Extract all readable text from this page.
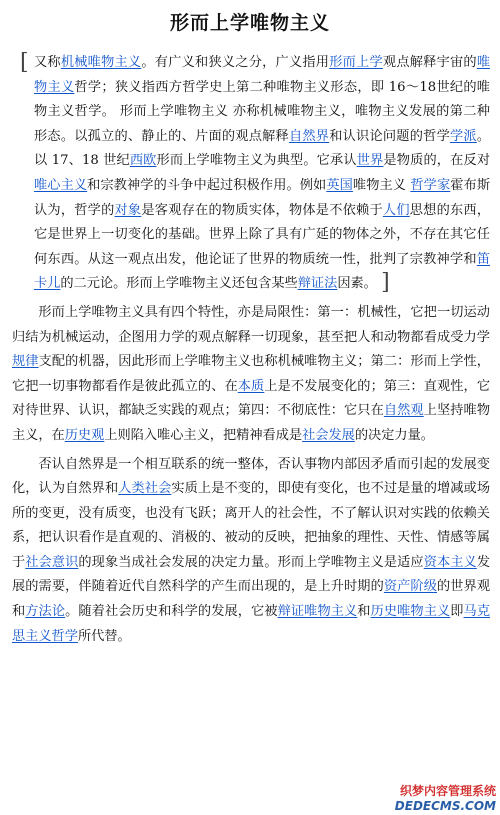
形而上学唯物主义

[ 又称机械唯物主义。有广义和狭义之分，广义指用形而上学观点解释宇宙的唯物主义哲学；狭义指西方哲学史上第二种唯物主义形态，即 16～18世纪的唯物主义哲学。 形而上学唯物主义 亦称机械唯物主义，唯物主义发展的第二种形态。以孤立的、静止的、片面的观点解释自然界和认识论问题的哲学学派。以 17、18 世纪西欧形而上学唯物主义为典型。它承认世界是物质的，在反对唯心主义和宗教神学的斗争中起过积极作用。例如英国唯物主义 哲学家霍布斯认为，哲学的对象是客观存在的物质实体，物体是不依赖于人们思想的东西，它是世界上一切变化的基础。世界上除了具有广延的物体之外，不存在其它任何东西。从这一观点出发，他论证了世界的物质统一性，批判了宗教神学和笛卡儿的二元论。形而上学唯物主义还包含某些辩证法因素。 ]

形而上学唯物主义具有四个特性，亦是局限性：第一：机械性，它把一切运动归结为机械运动，企图用力学的观点解释一切现象，甚至把人和动物都看成受力学规律支配的机器，因此形而上学唯物主义也称机械唯物主义；第二：形而上学性，它把一切事物都看作是彼此孤立的、在本质上是不发展变化的；第三：直观性，它对待世界、认识，都缺乏实践的观点；第四：不彻底性：它只在自然观上坚持唯物主义，在历史观上则陷入唯心主义，把精神看成是社会发展的决定力量。

否认自然界是一个相互联系的统一整体，否认事物内部因矛盾而引起的发展变化，认为自然界和人类社会实质上是不变的，即使有变化，也不过是量的增减或场所的变更，没有质变，也没有飞跃；离开人的社会性，不了解认识对实践的依赖关系，把认识看作是直观的、消极的、被动的反映，把抽象的理性、天性、情感等属于社会意识的现象当成社会发展的决定力量。形而上学唯物主义是适应资本主义发展的需要，伴随着近代自然科学的产生而出现的，是上升时期的资产阶级的世界观和方法论。随着社会历史和科学的发展，它被辩证唯物主义和历史唯物主义即马克思主义哲学所代替。

织梦内容管理系统
DEDECMS.COM
